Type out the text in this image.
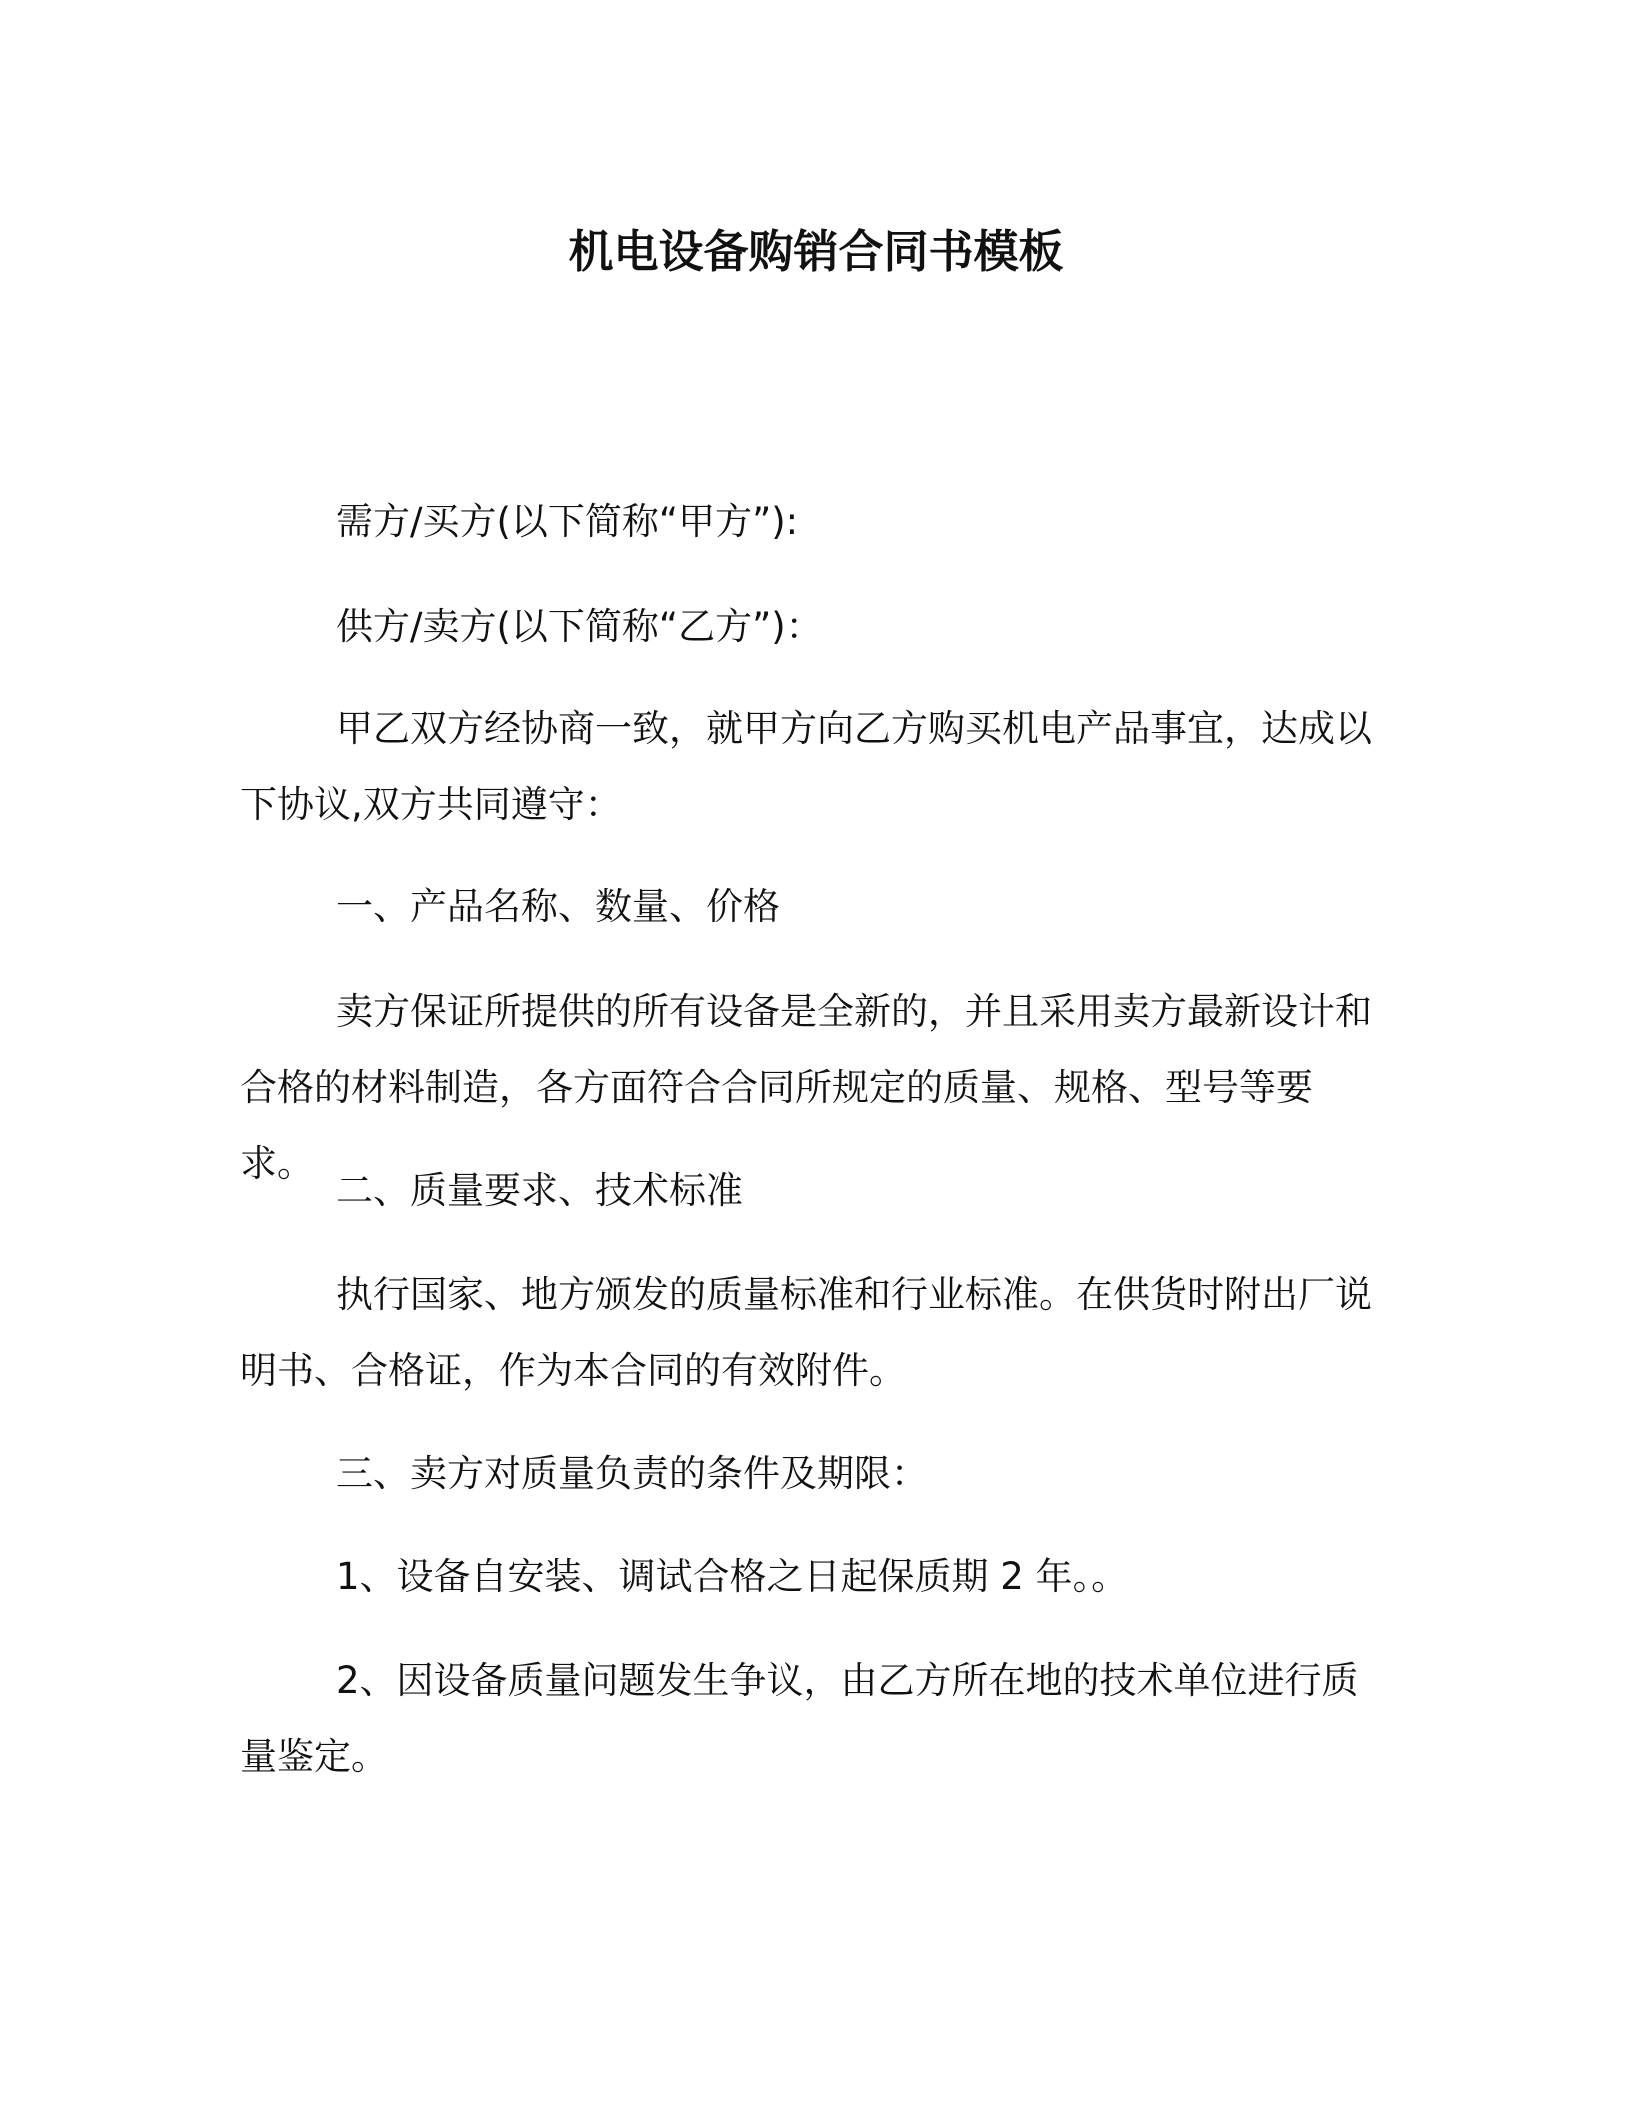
机电设备购销合同书模板

需方/买方(以下简称“甲方”):

供方/卖方(以下简称“乙方”)：

甲乙双方经协商一致，就甲方向乙方购买机电产品事宜，达成以下协议,双方共同遵守：

一、产品名称、数量、价格

卖方保证所提供的所有设备是全新的，并且采用卖方最新设计和合格的材料制造，各方面符合合同所规定的质量、规格、型号等要求。

二、质量要求、技术标准

执行国家、地方颁发的质量标准和行业标准。在供货时附出厂说明书、合格证，作为本合同的有效附件。

三、卖方对质量负责的条件及期限：

1、设备自安装、调试合格之日起保质期 2 年。。

2、因设备质量问题发生争议，由乙方所在地的技术单位进行质量鉴定。
